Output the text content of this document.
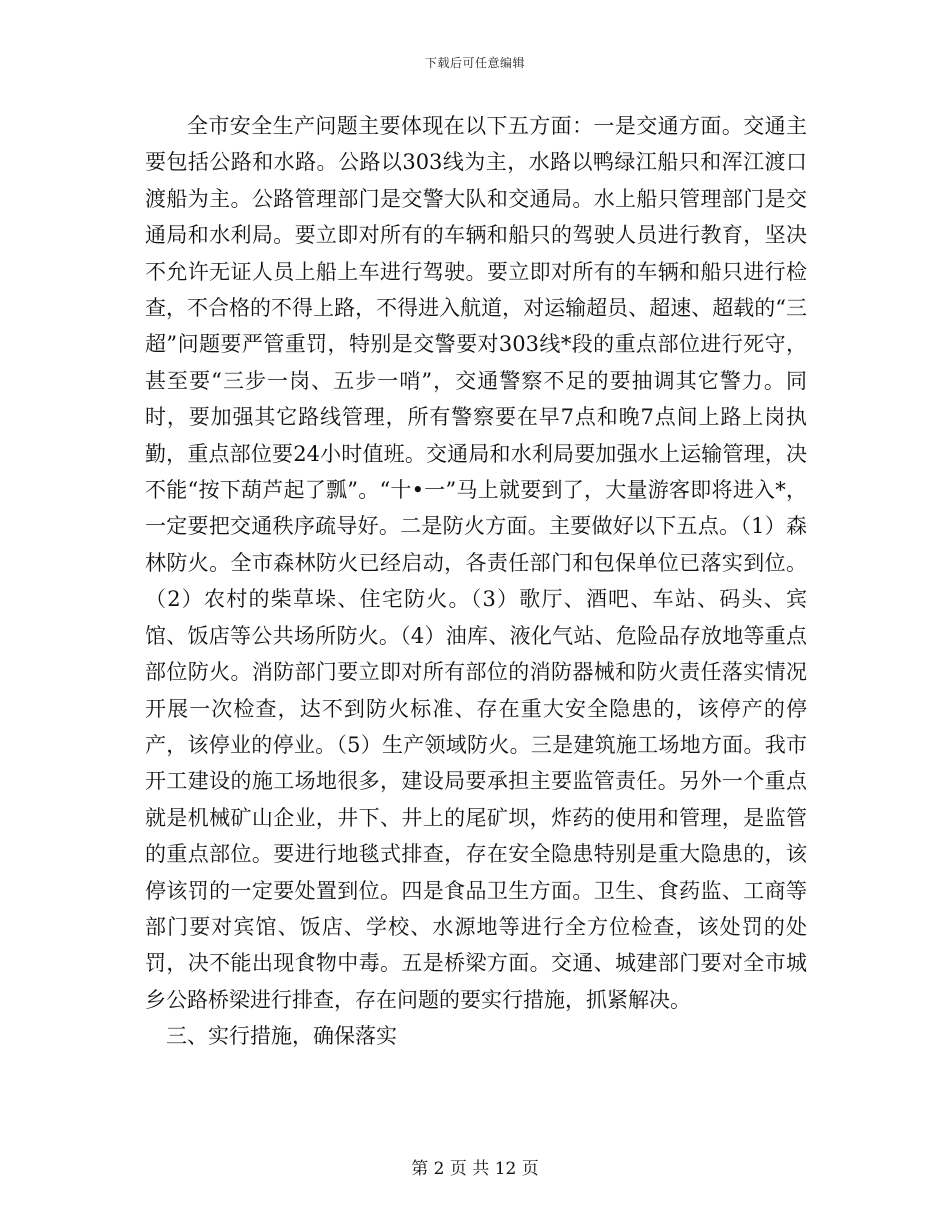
下载后可任意编辑

全市安全生产问题主要体现在以下五方面：一是交通方面。交通主要包括公路和水路。公路以303线为主，水路以鸭绿江船只和浑江渡口渡船为主。公路管理部门是交警大队和交通局。水上船只管理部门是交通局和水利局。要立即对所有的车辆和船只的驾驶人员进行教育，坚决不允许无证人员上船上车进行驾驶。要立即对所有的车辆和船只进行检查，不合格的不得上路，不得进入航道，对运输超员、超速、超载的“三超”问题要严管重罚，特别是交警要对303线*段的重点部位进行死守，甚至要“三步一岗、五步一哨”，交通警察不足的要抽调其它警力。同时，要加强其它路线管理，所有警察要在早7点和晚7点间上路上岗执勤，重点部位要24小时值班。交通局和水利局要加强水上运输管理，决不能“按下葫芦起了瓢”。“十•一”马上就要到了，大量游客即将进入*，一定要把交通秩序疏导好。二是防火方面。主要做好以下五点。（1）森林防火。全市森林防火已经启动，各责任部门和包保单位已落实到位。（2）农村的柴草垛、住宅防火。（3）歌厅、酒吧、车站、码头、宾馆、饭店等公共场所防火。（4）油库、液化气站、危险品存放地等重点部位防火。消防部门要立即对所有部位的消防器械和防火责任落实情况开展一次检查，达不到防火标准、存在重大安全隐患的，该停产的停产，该停业的停业。（5）生产领域防火。三是建筑施工场地方面。我市开工建设的施工场地很多，建设局要承担主要监管责任。另外一个重点就是机械矿山企业，井下、井上的尾矿坝，炸药的使用和管理，是监管的重点部位。要进行地毯式排查，存在安全隐患特别是重大隐患的，该停该罚的一定要处置到位。四是食品卫生方面。卫生、食药监、工商等部门要对宾馆、饭店、学校、水源地等进行全方位检查，该处罚的处罚，决不能出现食物中毒。五是桥梁方面。交通、城建部门要对全市城乡公路桥梁进行排查，存在问题的要实行措施，抓紧解决。

三、实行措施，确保落实

第 2 页 共 12 页
